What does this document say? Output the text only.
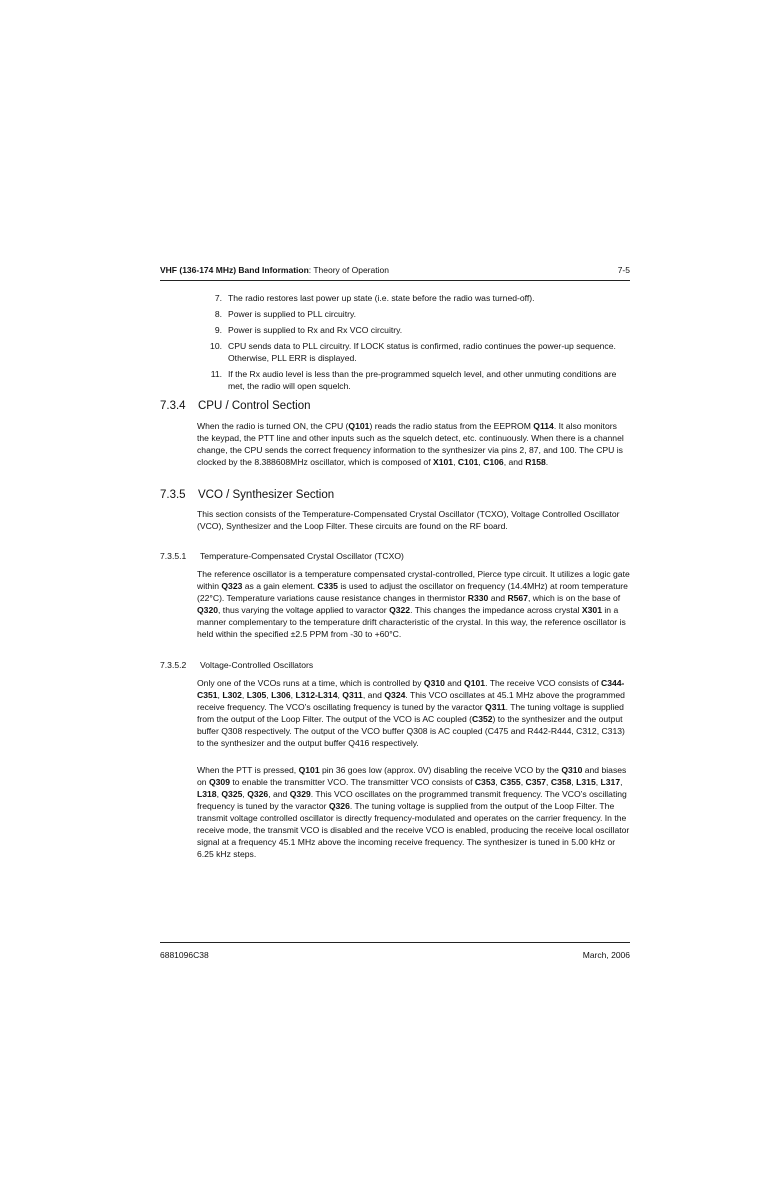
VHF (136-174 MHz) Band Information: Theory of Operation	7-5
7. The radio restores last power up state (i.e. state before the radio was turned-off).
8. Power is supplied to PLL circuitry.
9. Power is supplied to Rx and Rx VCO circuitry.
10. CPU sends data to PLL circuitry. If LOCK status is confirmed, radio continues the power-up sequence. Otherwise, PLL ERR is displayed.
11. If the Rx audio level is less than the pre-programmed squelch level, and other unmuting conditions are met, the radio will open squelch.
7.3.4 CPU / Control Section

When the radio is turned ON, the CPU (Q101) reads the radio status from the EEPROM Q114. It also monitors the keypad, the PTT line and other inputs such as the squelch detect, etc. continuously. When there is a channel change, the CPU sends the correct frequency information to the synthesizer via pins 2, 87, and 100. The CPU is clocked by the 8.388608MHz oscillator, which is composed of X101, C101, C106, and R158.

7.3.5 VCO / Synthesizer Section

This section consists of the Temperature-Compensated Crystal Oscillator (TCXO), Voltage Controlled Oscillator (VCO), Synthesizer and the Loop Filter. These circuits are found on the RF board.

7.3.5.1 Temperature-Compensated Crystal Oscillator (TCXO)

The reference oscillator is a temperature compensated crystal-controlled, Pierce type circuit. It utilizes a logic gate within Q323 as a gain element. C335 is used to adjust the oscillator on frequency (14.4MHz) at room temperature (22°C). Temperature variations cause resistance changes in thermistor R330 and R567, which is on the base of Q320, thus varying the voltage applied to varactor Q322. This changes the impedance across crystal X301 in a manner complementary to the temperature drift characteristic of the crystal. In this way, the reference oscillator is held within the specified ±2.5 PPM from -30 to +60°C.

7.3.5.2 Voltage-Controlled Oscillators

Only one of the VCOs runs at a time, which is controlled by Q310 and Q101. The receive VCO consists of C344-C351, L302, L305, L306, L312-L314, Q311, and Q324. This VCO oscillates at 45.1 MHz above the programmed receive frequency. The VCO’s oscillating frequency is tuned by the varactor Q311. The tuning voltage is supplied from the output of the Loop Filter. The output of the VCO is AC coupled (C352) to the synthesizer and the output buffer Q308 respectively. The output of the VCO buffer Q308 is AC coupled (C475 and R442-R444, C312, C313) to the synthesizer and the output buffer Q416 respectively.

When the PTT is pressed, Q101 pin 36 goes low (approx. 0V) disabling the receive VCO by the Q310 and biases on Q309 to enable the transmitter VCO. The transmitter VCO consists of C353, C355, C357, C358, L315, L317, L318, Q325, Q326, and Q329. This VCO oscillates on the programmed transmit frequency. The VCO’s oscillating frequency is tuned by the varactor Q326. The tuning voltage is supplied from the output of the Loop Filter. The transmit voltage controlled oscillator is directly frequency-modulated and operates on the carrier frequency. In the receive mode, the transmit VCO is disabled and the receive VCO is enabled, producing the receive local oscillator signal at a frequency 45.1 MHz above the incoming receive frequency. The synthesizer is tuned in 5.00 kHz or 6.25 kHz steps.

6881096C38	March, 2006
